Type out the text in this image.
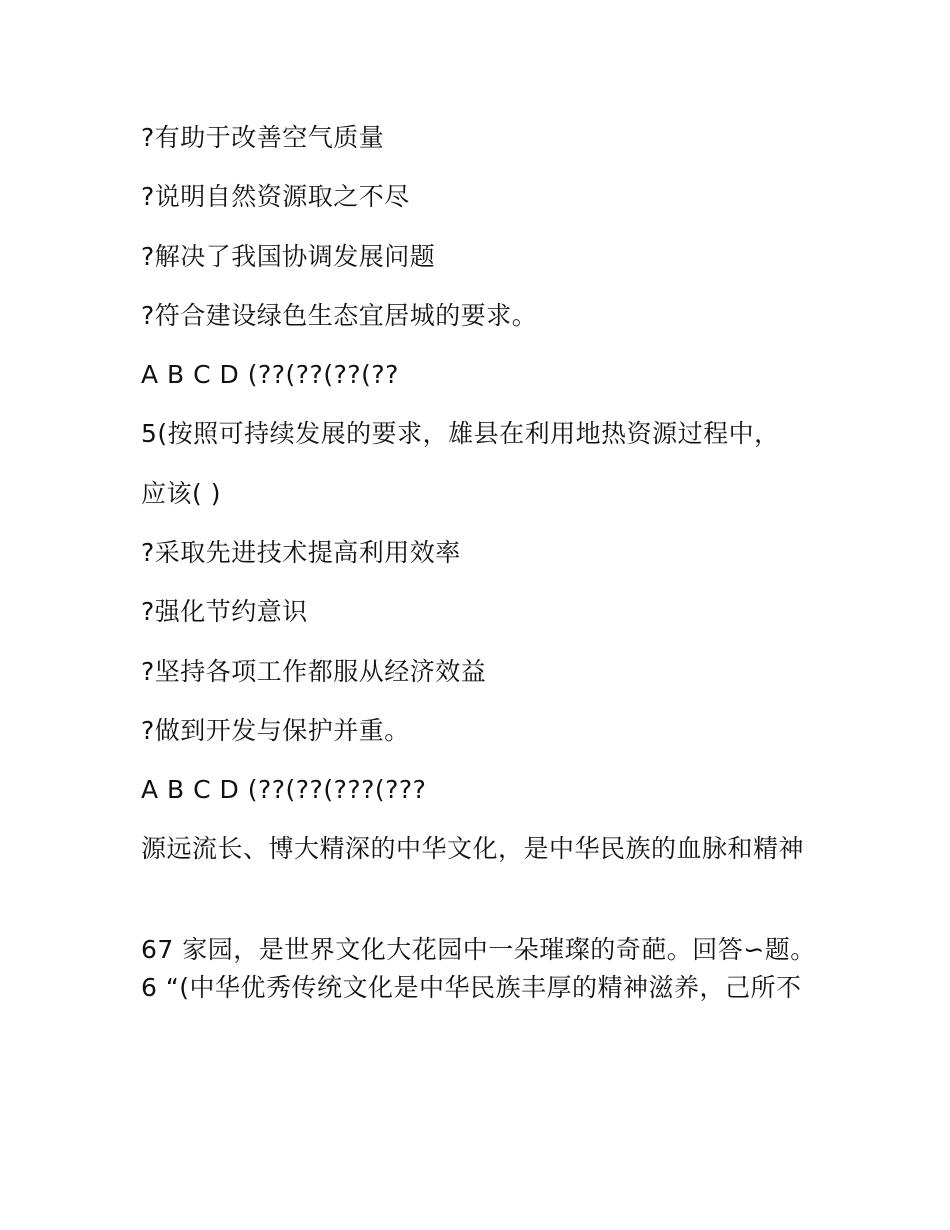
?有助于改善空气质量
?说明自然资源取之不尽
?解决了我国协调发展问题
?符合建设绿色生态宜居城的要求。
A B C D (??(??(??(??
5(按照可持续发展的要求，雄县在利用地热资源过程中，
应该( )
?采取先进技术提高利用效率
?强化节约意识
?坚持各项工作都服从经济效益
?做到开发与保护并重。
A B C D (??(??(???(???
源远流长、博大精深的中华文化，是中华民族的血脉和精神
67 家园，是世界文化大花园中一朵璀璨的奇葩。回答∽题。6 “(中华优秀传统文化是中华民族丰厚的精神滋养，己所不
